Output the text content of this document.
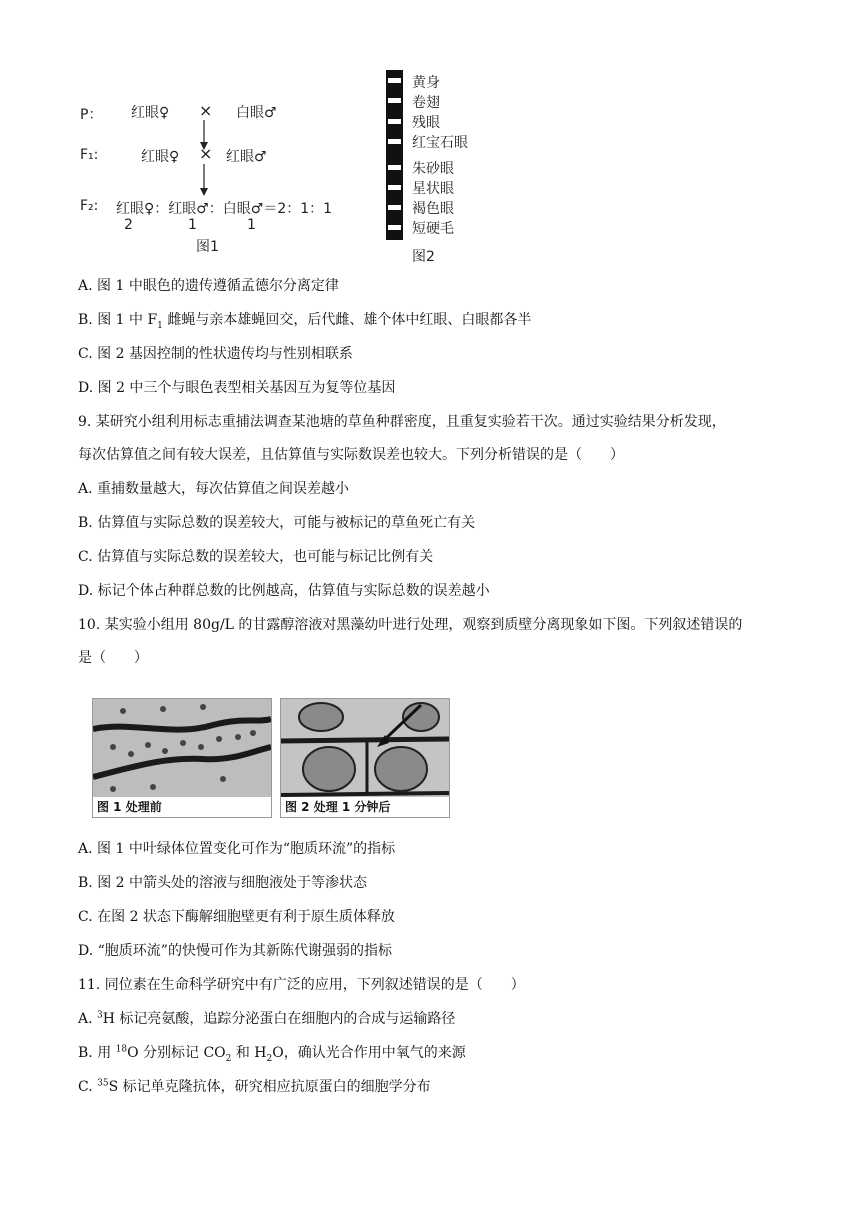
P： 红眼♀ × 白眼♂
F₁:	红眼♀ × 红眼♂
F₂: 红眼♀：红眼♂：白眼♂＝2：1：1
2	1	1
图1
黄身
卷翅
残眼
红宝石眼
朱砂眼
星状眼
褐色眼
短硬毛
图2
A. 图 1 中眼色的遗传遵循孟德尔分离定律
B. 图 1 中 $F_1$ 雌蝇与亲本雄蝇回交，后代雌、雄个体中红眼、白眼都各半
C. 图 2 基因控制的性状遗传均与性别相联系
D. 图 2 中三个与眼色表型相关基因互为复等位基因
9. 某研究小组利用标志重捕法调查某池塘的草鱼种群密度，且重复实验若干次。通过实验结果分析发现，
每次估算值之间有较大误差，且估算值与实际数误差也较大。下列分析错误的是（　　）
A. 重捕数量越大，每次估算值之间误差越小
B. 估算值与实际总数的误差较大，可能与被标记的草鱼死亡有关
C. 估算值与实际总数的误差较大，也可能与标记比例有关
D. 标记个体占种群总数的比例越高，估算值与实际总数的误差越小
10. 某实验小组用 80g/L 的甘露醇溶液对黑藻幼叶进行处理，观察到质壁分离现象如下图。下列叙述错误的
是（　　）
图 1 处理前	图 2 处理 1 分钟后
A. 图 1 中叶绿体位置变化可作为“胞质环流”的指标
B. 图 2 中箭头处的溶液与细胞液处于等渗状态
C. 在图 2 状态下酶解细胞壁更有利于原生质体释放
D. “胞质环流”的快慢可作为其新陈代谢强弱的指标
11. 同位素在生命科学研究中有广泛的应用，下列叙述错误的是（　　）
A. $^3$H 标记亮氨酸，追踪分泌蛋白在细胞内的合成与运输路径
B. 用 $^{18}$O 分别标记 $CO_2$ 和 $H_2O$，确认光合作用中氧气的来源
C. $^{35}$S 标记单克隆抗体，研究相应抗原蛋白的细胞学分布
